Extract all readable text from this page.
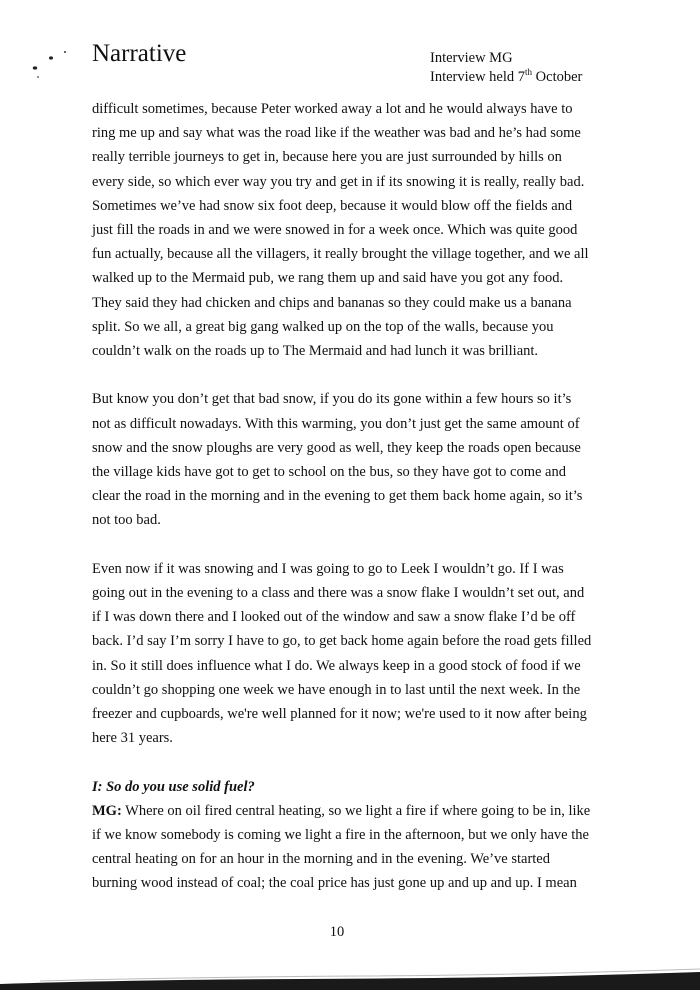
Narrative	Interview MG
Interview held 7th October

difficult sometimes, because Peter worked away a lot and he would always have to ring me up and say what was the road like if the weather was bad and he’s had some really terrible journeys to get in, because here you are just surrounded by hills on every side, so which ever way you try and get in if its snowing it is really, really bad. Sometimes we’ve had snow six foot deep, because it would blow off the fields and just fill the roads in and we were snowed in for a week once. Which was quite good fun actually, because all the villagers, it really brought the village together, and we all walked up to the Mermaid pub, we rang them up and said have you got any food. They said they had chicken and chips and bananas so they could make us a banana split. So we all, a great big gang walked up on the top of the walls, because you couldn’t walk on the roads up to The Mermaid and had lunch it was brilliant.

But know you don’t get that bad snow, if you do its gone within a few hours so it’s not as difficult nowadays. With this warming, you don’t just get the same amount of snow and the snow ploughs are very good as well, they keep the roads open because the village kids have got to get to school on the bus, so they have got to come and clear the road in the morning and in the evening to get them back home again, so it’s not too bad.

Even now if it was snowing and I was going to go to Leek I wouldn’t go. If I was going out in the evening to a class and there was a snow flake I wouldn’t set out, and if I was down there and I looked out of the window and saw a snow flake I’d be off back. I’d say I’m sorry I have to go, to get back home again before the road gets filled in. So it still does influence what I do. We always keep in a good stock of food if we couldn’t go shopping one week we have enough in to last until the next week. In the freezer and cupboards, we're well planned for it now; we're used to it now after being here 31 years.

I: So do you use solid fuel?
MG: Where on oil fired central heating, so we light a fire if where going to be in, like if we know somebody is coming we light a fire in the afternoon, but we only have the central heating on for an hour in the morning and in the evening. We’ve started burning wood instead of coal; the coal price has just gone up and up and up. I mean
10
